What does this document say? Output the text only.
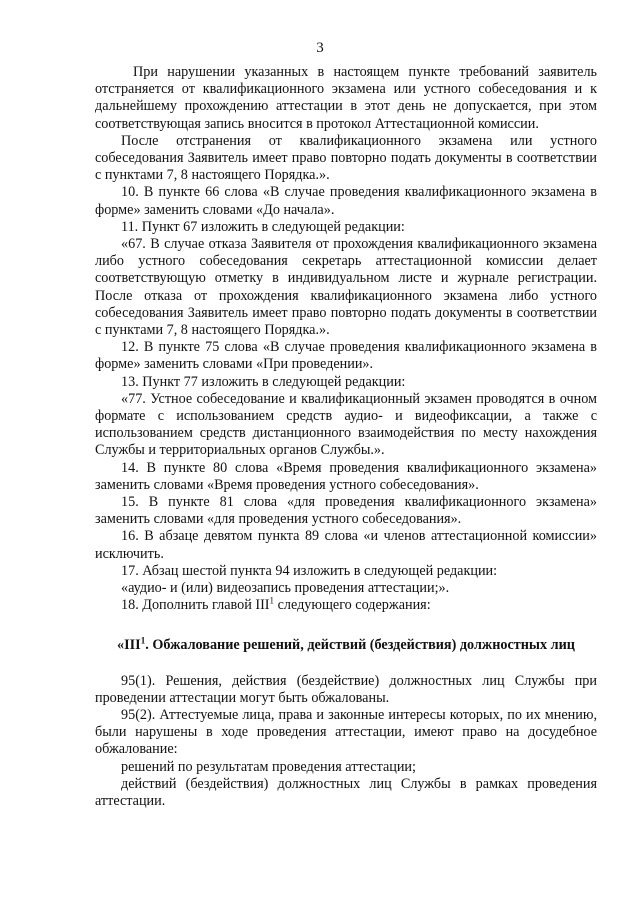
3

При нарушении указанных в настоящем пункте требований заявитель отстраняется от квалификационного экзамена или устного собеседования и к дальнейшему прохождению аттестации в этот день не допускается, при этом соответствующая запись вносится в протокол Аттестационной комиссии.

После отстранения от квалификационного экзамена или устного собеседования Заявитель имеет право повторно подать документы в соответствии с пунктами 7, 8 настоящего Порядка.».

10. В пункте 66 слова «В случае проведения квалификационного экзамена в форме» заменить словами «До начала».

11. Пункт 67 изложить в следующей редакции:

«67. В случае отказа Заявителя от прохождения квалификационного экзамена либо устного собеседования секретарь аттестационной комиссии делает соответствующую отметку в индивидуальном листе и журнале регистрации. После отказа от прохождения квалификационного экзамена либо устного собеседования Заявитель имеет право повторно подать документы в соответствии с пунктами 7, 8 настоящего Порядка.».

12. В пункте 75 слова «В случае проведения квалификационного экзамена в форме» заменить словами «При проведении».

13. Пункт 77 изложить в следующей редакции:

«77. Устное собеседование и квалификационный экзамен проводятся в очном формате с использованием средств аудио- и видеофиксации, а также с использованием средств дистанционного взаимодействия по месту нахождения Службы и территориальных органов Службы.».

14. В пункте 80 слова «Время проведения квалификационного экзамена» заменить словами «Время проведения устного собеседования».

15. В пункте 81 слова «для проведения квалификационного экзамена» заменить словами «для проведения устного собеседования».

16. В абзаце девятом пункта 89 слова «и членов аттестационной комиссии» исключить.

17. Абзац шестой пункта 94 изложить в следующей редакции:

«аудио- и (или) видеозапись проведения аттестации;».

18. Дополнить главой III$^1$ следующего содержания:

«III$^1$. Обжалование решений, действий (бездействия) должностных лиц

95(1). Решения, действия (бездействие) должностных лиц Службы при проведении аттестации могут быть обжалованы.

95(2). Аттестуемые лица, права и законные интересы которых, по их мнению, были нарушены в ходе проведения аттестации, имеют право на досудебное обжалование:

решений по результатам проведения аттестации;

действий (бездействия) должностных лиц Службы в рамках проведения аттестации.
